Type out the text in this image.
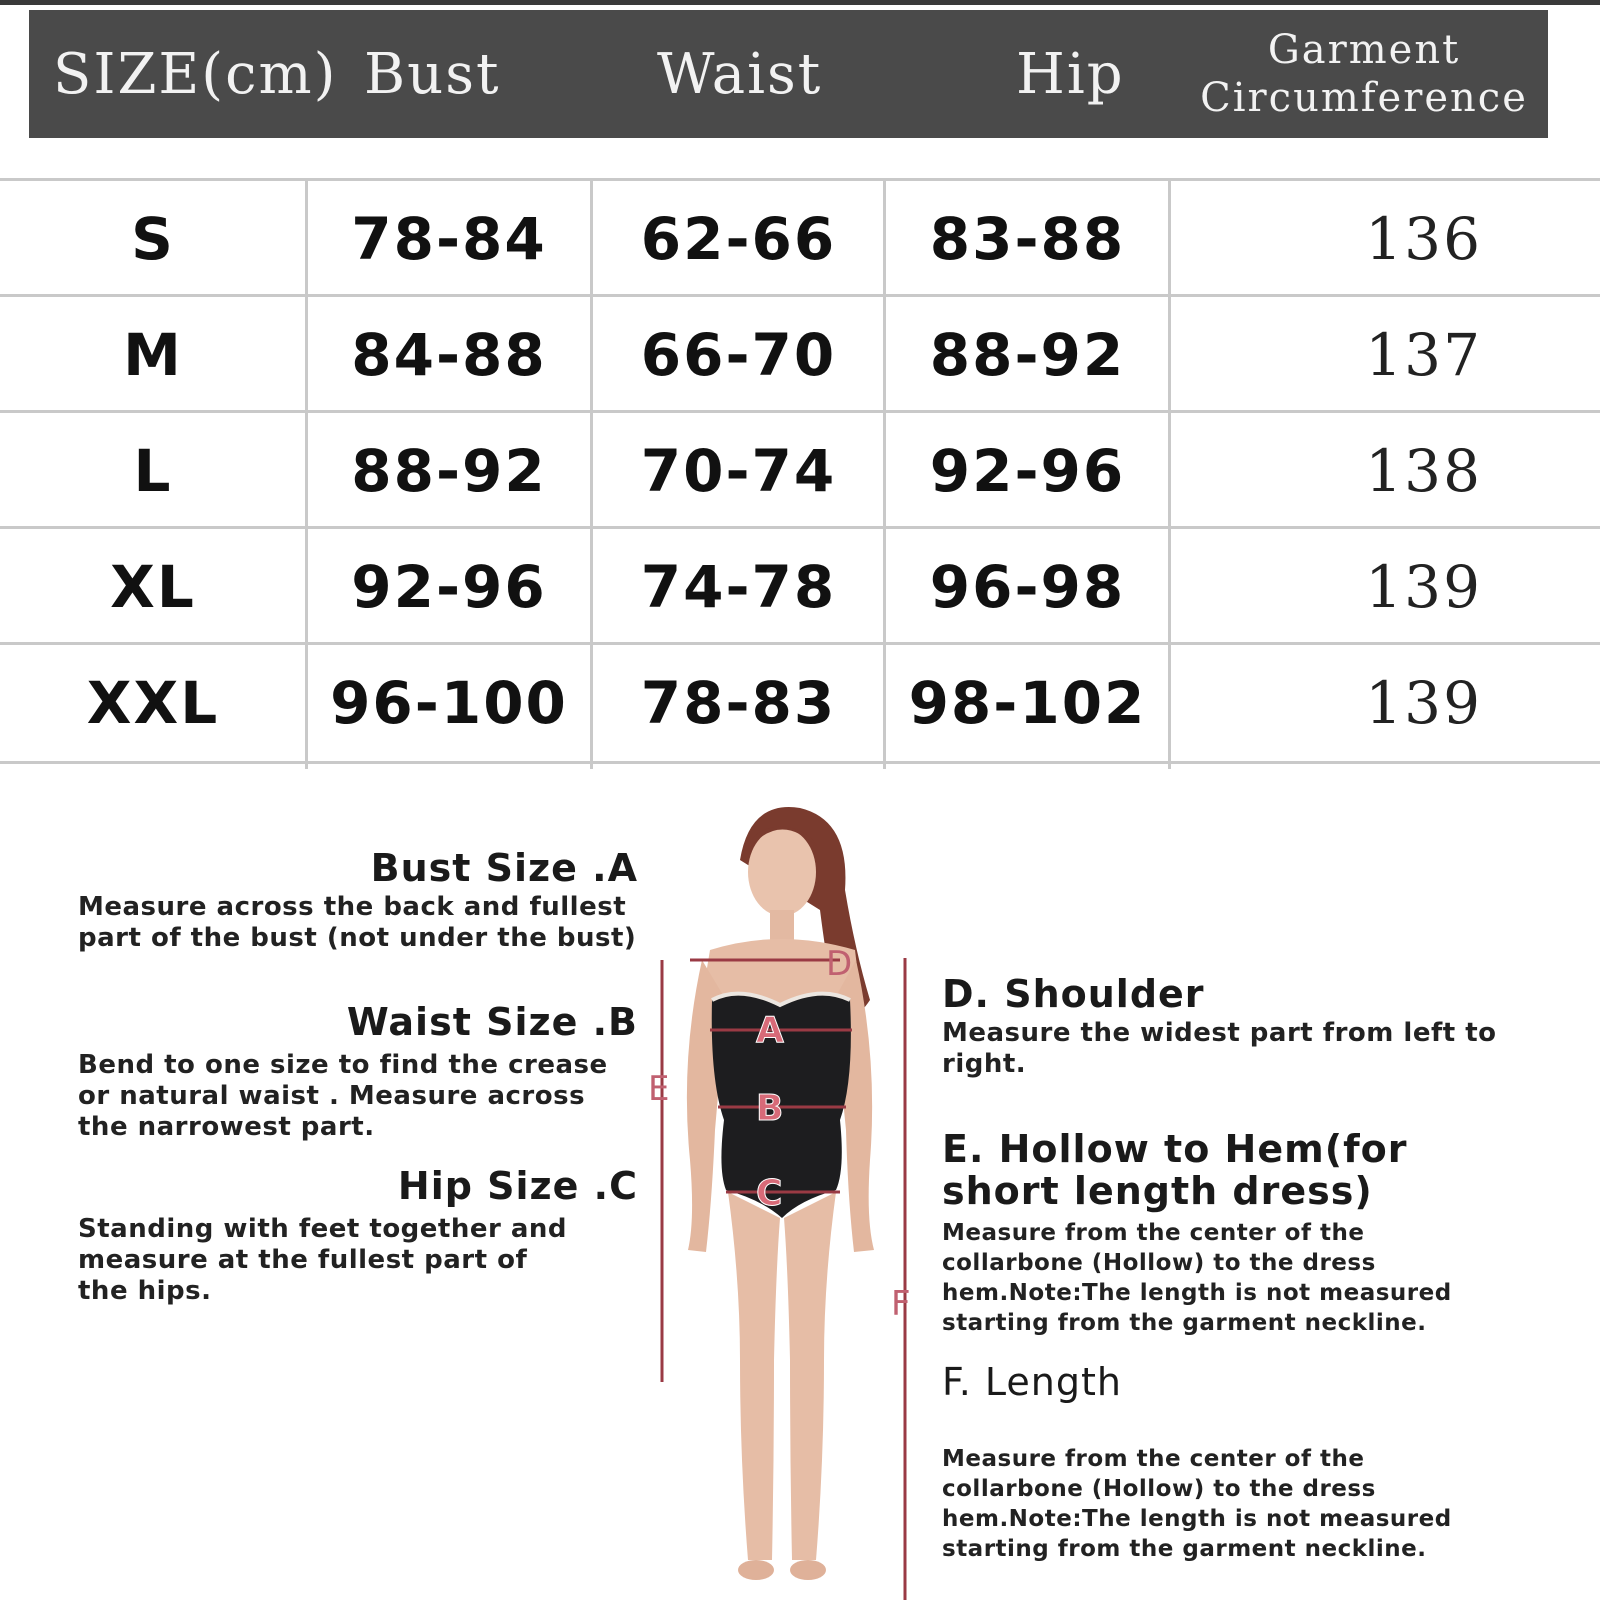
SIZE(cm) Bust	Waist	Hip	Garment
Circumference
S	78-84	62-66	83-88	136
M	84-88	66-70	88-92	137
L	88-92	70-74	92-96	138
XL	92-96	74-78	96-98	139
XXL	96-100	78-83	98-102	139
Bust Size .A
Measure across the back and fullest part of the bust (not under the bust)
Waist Size .B
Bend to one size to find the crease or natural waist . Measure across the narrowest part.
Hip Size .C
Standing with feet together and measure at the fullest part of the hips.
D. Shoulder
Measure the widest part from left to right.
E. Hollow to Hem(for short length dress)
Measure from the center of the collarbone (Hollow) to the dress hem.Note:The length is not measured starting from the garment neckline.
F. Length
Measure from the center of the collarbone (Hollow) to the dress hem.Note:The length is not measured starting from the garment neckline.
E
F
D
A
B
C
